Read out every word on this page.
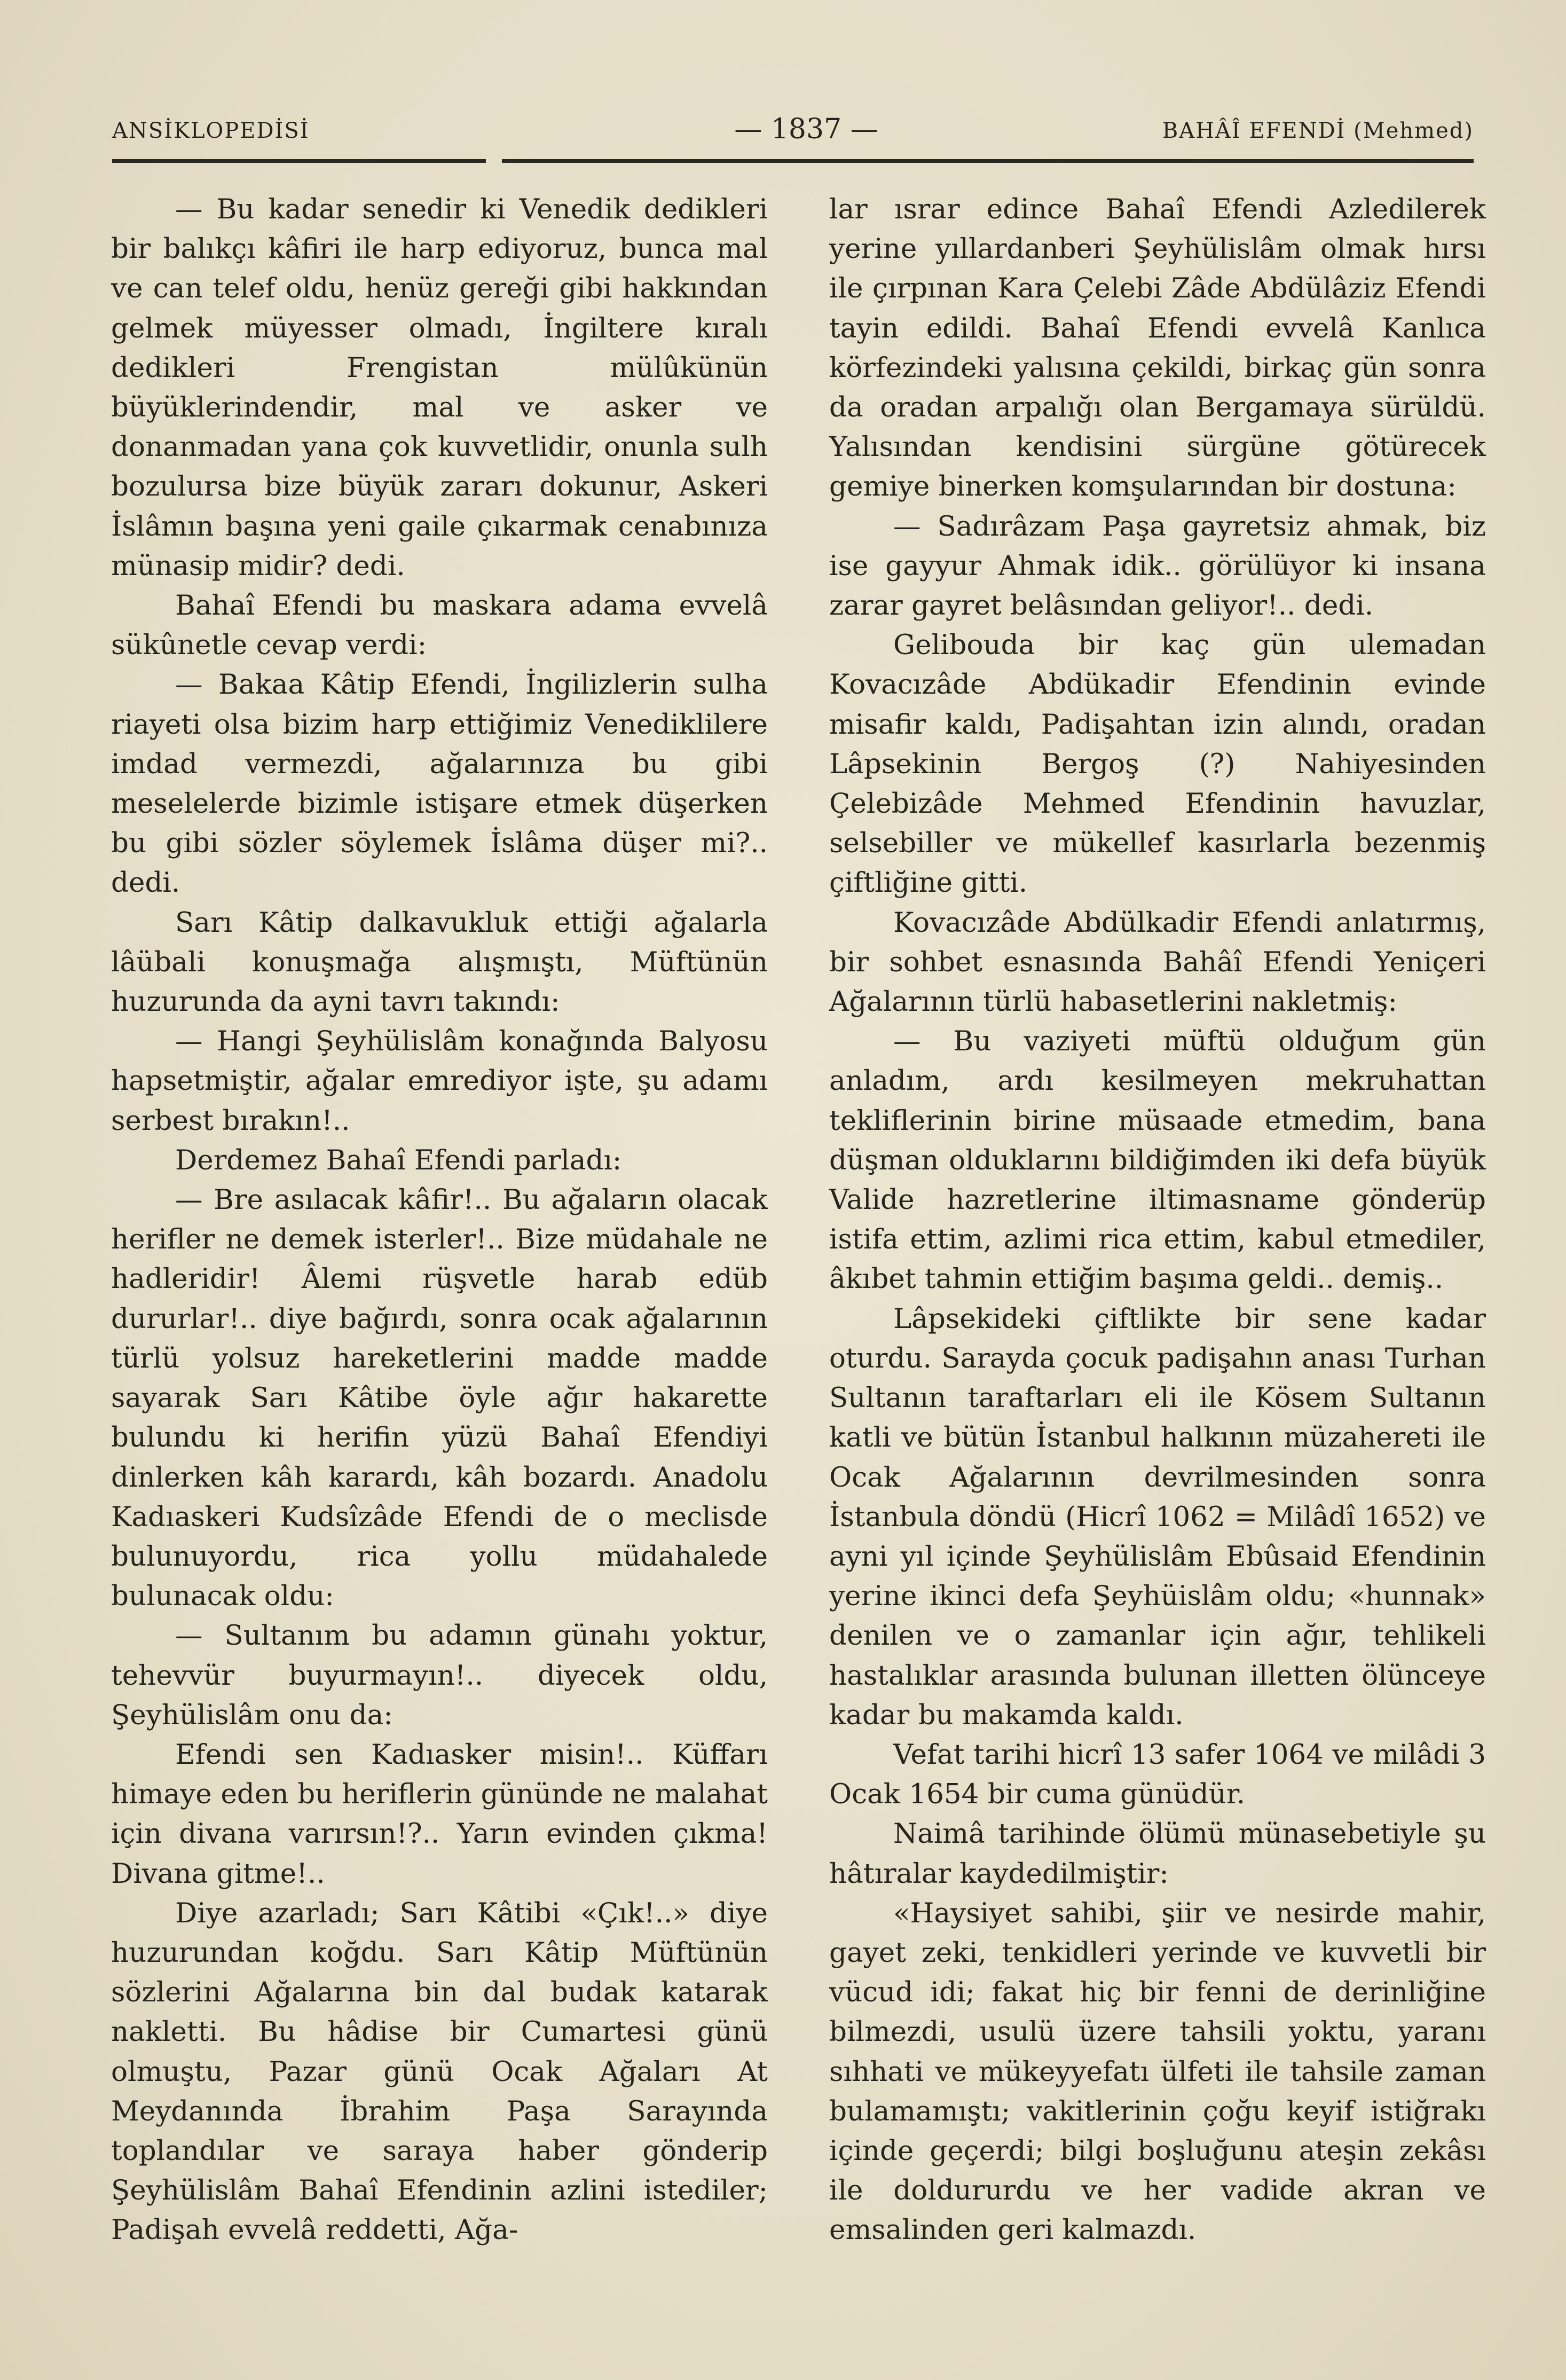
ANSİKLOPEDİSİ	— 1837 —	BAHÂÎ EFENDİ (Mehmed)

— Bu kadar senedir ki Venedik dedikleri bir balıkçı kâfiri ile harp ediyoruz, bunca mal ve can telef oldu, henüz gereği gibi hakkından gelmek müyesser olmadı, İngiltere kıralı dedikleri Frengistan mülûkünün büyüklerindendir, mal ve asker ve donanmadan yana çok kuvvetlidir, onunla sulh bozulursa bize büyük zararı dokunur, Askeri İslâmın başına yeni gaile çıkarmak cenabınıza münasip midir? dedi.

Bahaî Efendi bu maskara adama evvelâ sükûnetle cevap verdi:

— Bakaa Kâtip Efendi, İngilizlerin sulha riayeti olsa bizim harp ettiğimiz Venediklilere imdad vermezdi, ağalarınıza bu gibi meselelerde bizimle istişare etmek düşerken bu gibi sözler söylemek İslâma düşer mi?.. dedi.

Sarı Kâtip dalkavukluk ettiği ağalarla lâübali konuşmağa alışmıştı, Müftünün huzurunda da ayni tavrı takındı:

— Hangi Şeyhülislâm konağında Balyosu hapsetmiştir, ağalar emrediyor işte, şu adamı serbest bırakın!..

Derdemez Bahaî Efendi parladı:

— Bre asılacak kâfir!.. Bu ağaların olacak herifler ne demek isterler!.. Bize müdahale ne hadleridir! Âlemi rüşvetle harab edüb dururlar!.. diye bağırdı, sonra ocak ağalarının türlü yolsuz hareketlerini madde madde sayarak Sarı Kâtibe öyle ağır hakarette bulundu ki herifin yüzü Bahaî Efendiyi dinlerken kâh karardı, kâh bozardı. Anadolu Kadıaskeri Kudsîzâde Efendi de o meclisde bulunuyordu, rica yollu müdahalede bulunacak oldu:

— Sultanım bu adamın günahı yoktur, tehevvür buyurmayın!.. diyecek oldu, Şeyhülislâm onu da:

Efendi sen Kadıasker misin!.. Küffarı himaye eden bu heriflerin gününde ne malahat için divana varırsın!?.. Yarın evinden çıkma! Divana gitme!..

Diye azarladı; Sarı Kâtibi «Çık!..» diye huzurundan koğdu. Sarı Kâtip Müftünün sözlerini Ağalarına bin dal budak katarak nakletti. Bu hâdise bir Cumartesi günü olmuştu, Pazar günü Ocak Ağaları At Meydanında İbrahim Paşa Sarayında toplandılar ve saraya haber gönderip Şeyhülislâm Bahaî Efendinin azlini istediler; Padişah evvelâ reddetti, Ağa-

lar ısrar edince Bahaî Efendi Azledilerek yerine yıllardanberi Şeyhülislâm olmak hırsı ile çırpınan Kara Çelebi Zâde Abdülâziz Efendi tayin edildi. Bahaî Efendi evvelâ Kanlıca körfezindeki yalısına çekildi, birkaç gün sonra da oradan arpalığı olan Bergamaya sürüldü. Yalısından kendisini sürgüne götürecek gemiye binerken komşularından bir dostuna:

— Sadırâzam Paşa gayretsiz ahmak, biz ise gayyur Ahmak idik.. görülüyor ki insana zarar gayret belâsından geliyor!.. dedi.

Gelibouda bir kaç gün ulemadan Kovacızâde Abdükadir Efendinin evinde misafir kaldı, Padişahtan izin alındı, oradan Lâpsekinin Bergoş (?) Nahiyesinden Çelebizâde Mehmed Efendinin havuzlar, selsebiller ve mükellef kasırlarla bezenmiş çiftliğine gitti.

Kovacızâde Abdülkadir Efendi anlatırmış, bir sohbet esnasında Bahâî Efendi Yeniçeri Ağalarının türlü habasetlerini nakletmiş:

— Bu vaziyeti müftü olduğum gün anladım, ardı kesilmeyen mekruhattan tekliflerinin birine müsaade etmedim, bana düşman olduklarını bildiğimden iki defa büyük Valide hazretlerine iltimasname gönderüp istifa ettim, azlimi rica ettim, kabul etmediler, âkıbet tahmin ettiğim başıma geldi.. demiş..

Lâpsekideki çiftlikte bir sene kadar oturdu. Sarayda çocuk padişahın anası Turhan Sultanın taraftarları eli ile Kösem Sultanın katli ve bütün İstanbul halkının müzahereti ile Ocak Ağalarının devrilmesinden sonra İstanbula döndü (Hicrî 1062 = Milâdî 1652) ve ayni yıl içinde Şeyhülislâm Ebûsaid Efendinin yerine ikinci defa Şeyhüislâm oldu; «hunnak» denilen ve o zamanlar için ağır, tehlikeli hastalıklar arasında bulunan illetten ölünceye kadar bu makamda kaldı.

Vefat tarihi hicrî 13 safer 1064 ve milâdi 3 Ocak 1654 bir cuma günüdür.

Naimâ tarihinde ölümü münasebetiyle şu hâtıralar kaydedilmiştir:

«Haysiyet sahibi, şiir ve nesirde mahir, gayet zeki, tenkidleri yerinde ve kuvvetli bir vücud idi; fakat hiç bir fenni de derinliğine bilmezdi, usulü üzere tahsili yoktu, yaranı sıhhati ve mükeyyefatı ülfeti ile tahsile zaman bulamamıştı; vakitlerinin çoğu keyif istiğrakı içinde geçerdi; bilgi boşluğunu ateşin zekâsı ile doldururdu ve her vadide akran ve emsalinden geri kalmazdı.
